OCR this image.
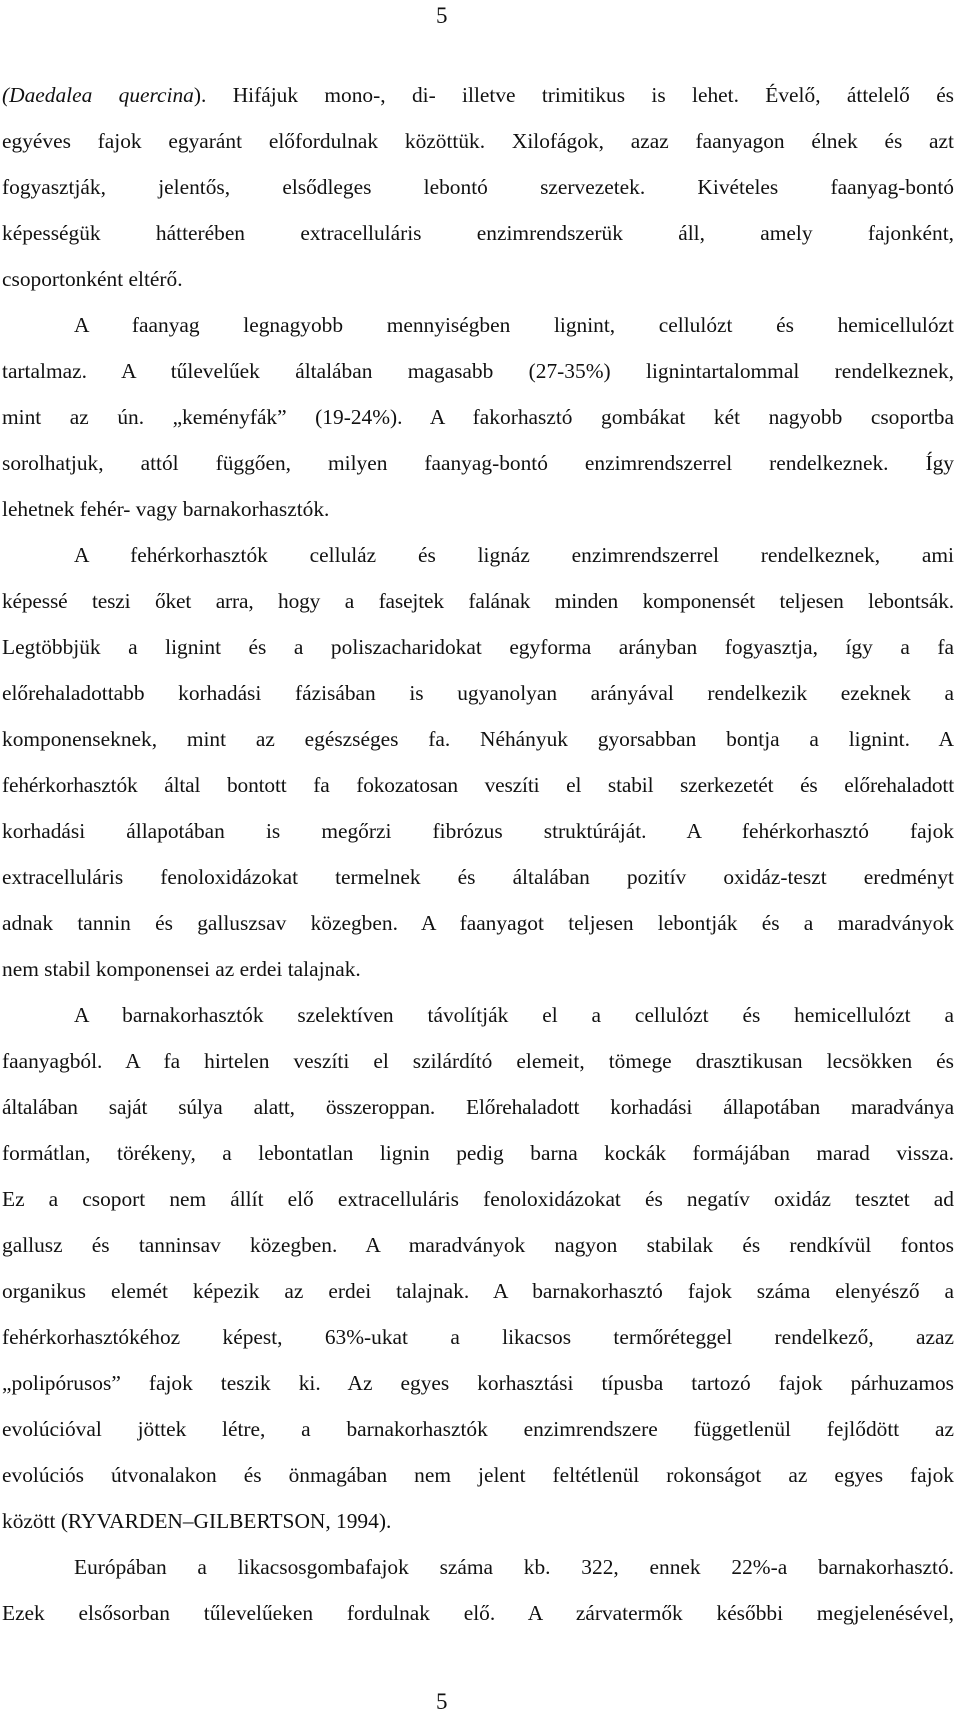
5

(Daedalea quercina). Hifájuk mono-, di- illetve trimitikus is lehet. Évelő, áttelelő és
egyéves fajok egyaránt előfordulnak közöttük. Xilofágok, azaz faanyagon élnek és azt
fogyasztják, jelentős, elsődleges lebontó szervezetek. Kivételes faanyag-bontó
képességük hátterében extracelluláris enzimrendszerük áll, amely fajonként,
csoportonként eltérő.

A faanyag legnagyobb mennyiségben lignint, cellulózt és hemicellulózt
tartalmaz. A tűlevelűek általában magasabb (27-35%) lignintartalommal rendelkeznek,
mint az ún. „keményfák” (19-24%). A fakorhasztó gombákat két nagyobb csoportba
sorolhatjuk, attól függően, milyen faanyag-bontó enzimrendszerrel rendelkeznek. Így
lehetnek fehér- vagy barnakorhasztók.

A fehérkorhasztók celluláz és lignáz enzimrendszerrel rendelkeznek, ami
képessé teszi őket arra, hogy a fasejtek falának minden komponensét teljesen lebontsák.
Legtöbbjük a lignint és a poliszacharidokat egyforma arányban fogyasztja, így a fa
előrehaladottabb korhadási fázisában is ugyanolyan arányával rendelkezik ezeknek a
komponenseknek, mint az egészséges fa. Néhányuk gyorsabban bontja a lignint. A
fehérkorhasztók által bontott fa fokozatosan veszíti el stabil szerkezetét és előrehaladott
korhadási állapotában is megőrzi fibrózus struktúráját. A fehérkorhasztó fajok
extracelluláris fenoloxidázokat termelnek és általában pozitív oxidáz-teszt eredményt
adnak tannin és galluszsav közegben. A faanyagot teljesen lebontják és a maradványok
nem stabil komponensei az erdei talajnak.

A barnakorhasztók szelektíven távolítják el a cellulózt és hemicellulózt a
faanyagból. A fa hirtelen veszíti el szilárdító elemeit, tömege drasztikusan lecsökken és
általában saját súlya alatt, összeroppan. Előrehaladott korhadási állapotában maradványa
formátlan, törékeny, a lebontatlan lignin pedig barna kockák formájában marad vissza.
Ez a csoport nem állít elő extracelluláris fenoloxidázokat és negatív oxidáz tesztet ad
gallusz és tanninsav közegben. A maradványok nagyon stabilak és rendkívül fontos
organikus elemét képezik az erdei talajnak. A barnakorhasztó fajok száma elenyésző a
fehérkorhasztókéhoz képest, 63%-ukat a likacsos termőréteggel rendelkező, azaz
„polipórusos” fajok teszik ki. Az egyes korhasztási típusba tartozó fajok párhuzamos
evolúcióval jöttek létre, a barnakorhasztók enzimrendszere függetlenül fejlődött az
evolúciós útvonalakon és önmagában nem jelent feltétlenül rokonságot az egyes fajok
között (RYVARDEN–GILBERTSON, 1994).

Európában a likacsosgombafajok száma kb. 322, ennek 22%-a barnakorhasztó.
Ezek elsősorban tűlevelűeken fordulnak elő. A zárvatermők későbbi megjelenésével,

5
